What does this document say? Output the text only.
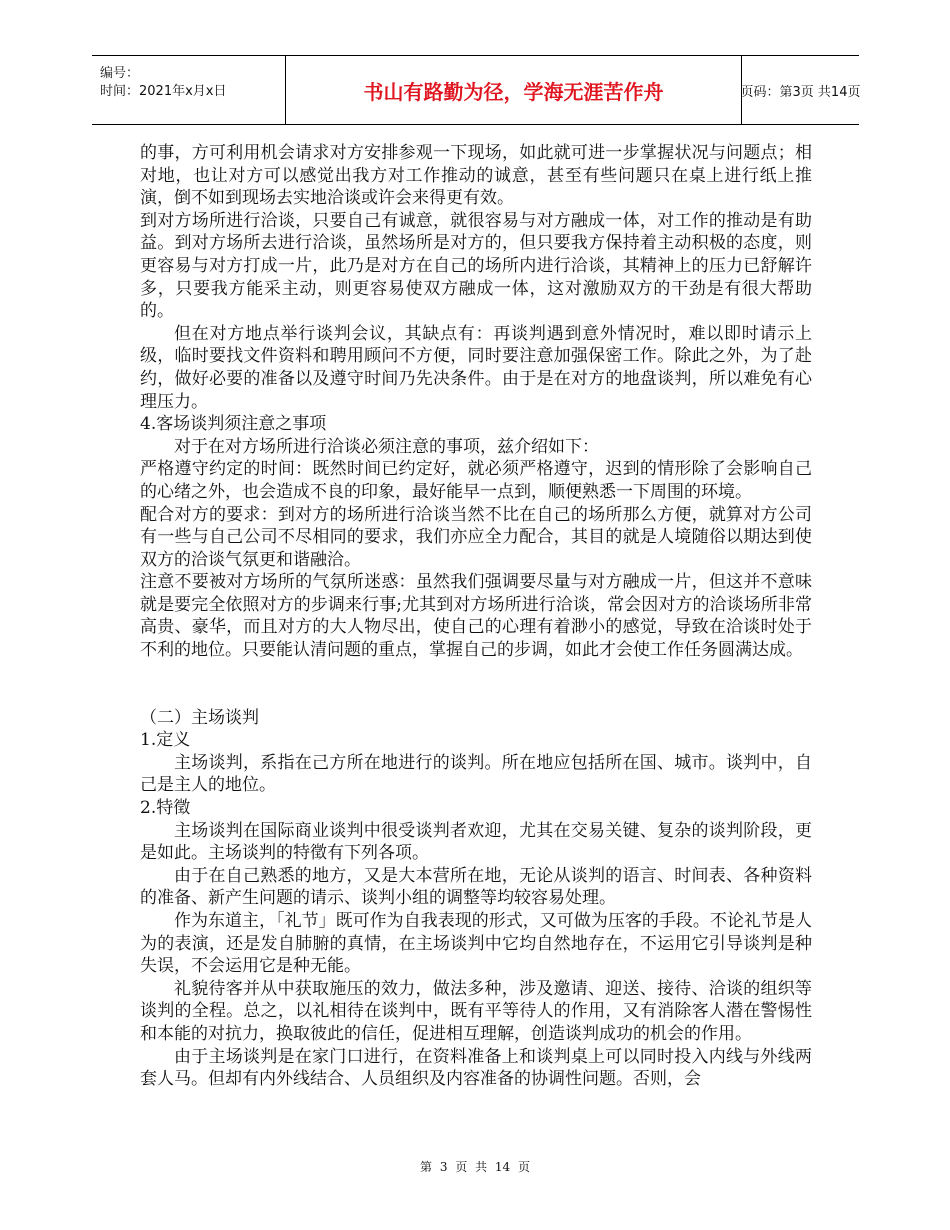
编号：
时间：2021年x月x日	书山有路勤为径，学海无涯苦作舟	页码：第3页 共14页

的事，方可利用机会请求对方安排参观一下现场，如此就可进一步掌握状况与问题点；相对地，也让对方可以感觉出我方对工作推动的诚意，甚至有些问题只在桌上进行纸上推演，倒不如到现场去实地洽谈或许会来得更有效。

到对方场所进行洽谈，只要自己有诚意，就很容易与对方融成一体，对工作的推动是有助益。到对方场所去进行洽谈，虽然场所是对方的，但只要我方保持着主动积极的态度，则更容易与对方打成一片，此乃是对方在自己的场所内进行洽谈，其精神上的压力已舒解许多，只要我方能采主动，则更容易使双方融成一体，这对激励双方的干劲是有很大帮助的。

但在对方地点举行谈判会议，其缺点有：再谈判遇到意外情况时，难以即时请示上级，临时要找文件资料和聘用顾问不方便，同时要注意加强保密工作。除此之外，为了赴约，做好必要的准备以及遵守时间乃先决条件。由于是在对方的地盘谈判，所以难免有心理压力。

4.客场谈判须注意之事项

对于在对方场所进行洽谈必须注意的事项，兹介绍如下：

严格遵守约定的时间：既然时间已约定好，就必须严格遵守，迟到的情形除了会影响自己的心绪之外，也会造成不良的印象，最好能早一点到，顺便熟悉一下周围的环境。

配合对方的要求：到对方的场所进行洽谈当然不比在自己的场所那么方便，就算对方公司有一些与自己公司不尽相同的要求，我们亦应全力配合，其目的就是人境随俗以期达到使双方的洽谈气氛更和谐融洽。

注意不要被对方场所的气氛所迷惑：虽然我们强调要尽量与对方融成一片，但这并不意味就是要完全依照对方的步调来行事;尤其到对方场所进行洽谈，常会因对方的洽谈场所非常高贵、豪华，而且对方的大人物尽出，使自己的心理有着渺小的感觉，导致在洽谈时处于不利的地位。只要能认清问题的重点，掌握自己的步调，如此才会使工作任务圆满达成。

（二）主场谈判

1.定义

主场谈判，系指在己方所在地进行的谈判。所在地应包括所在国、城市。谈判中，自己是主人的地位。

2.特徵

主场谈判在国际商业谈判中很受谈判者欢迎，尤其在交易关键、复杂的谈判阶段，更是如此。主场谈判的特徵有下列各项。

由于在自己熟悉的地方，又是大本营所在地，无论从谈判的语言、时间表、各种资料的准备、新产生问题的请示、谈判小组的调整等均较容易处理。

作为东道主，「礼节」既可作为自我表现的形式，又可做为压客的手段。不论礼节是人为的表演，还是发自肺腑的真情，在主场谈判中它均自然地存在，不运用它引导谈判是种失误，不会运用它是种无能。

礼貌待客并从中获取施压的效力，做法多种，涉及邀请、迎送、接待、洽谈的组织等谈判的全程。总之，以礼相待在谈判中，既有平等待人的作用，又有消除客人潜在警惕性和本能的对抗力，换取彼此的信任，促进相互理解，创造谈判成功的机会的作用。

由于主场谈判是在家门口进行，在资料准备上和谈判桌上可以同时投入内线与外线两套人马。但却有内外线结合、人员组织及内容准备的协调性问题。否则，会

第 3 页 共 14 页
